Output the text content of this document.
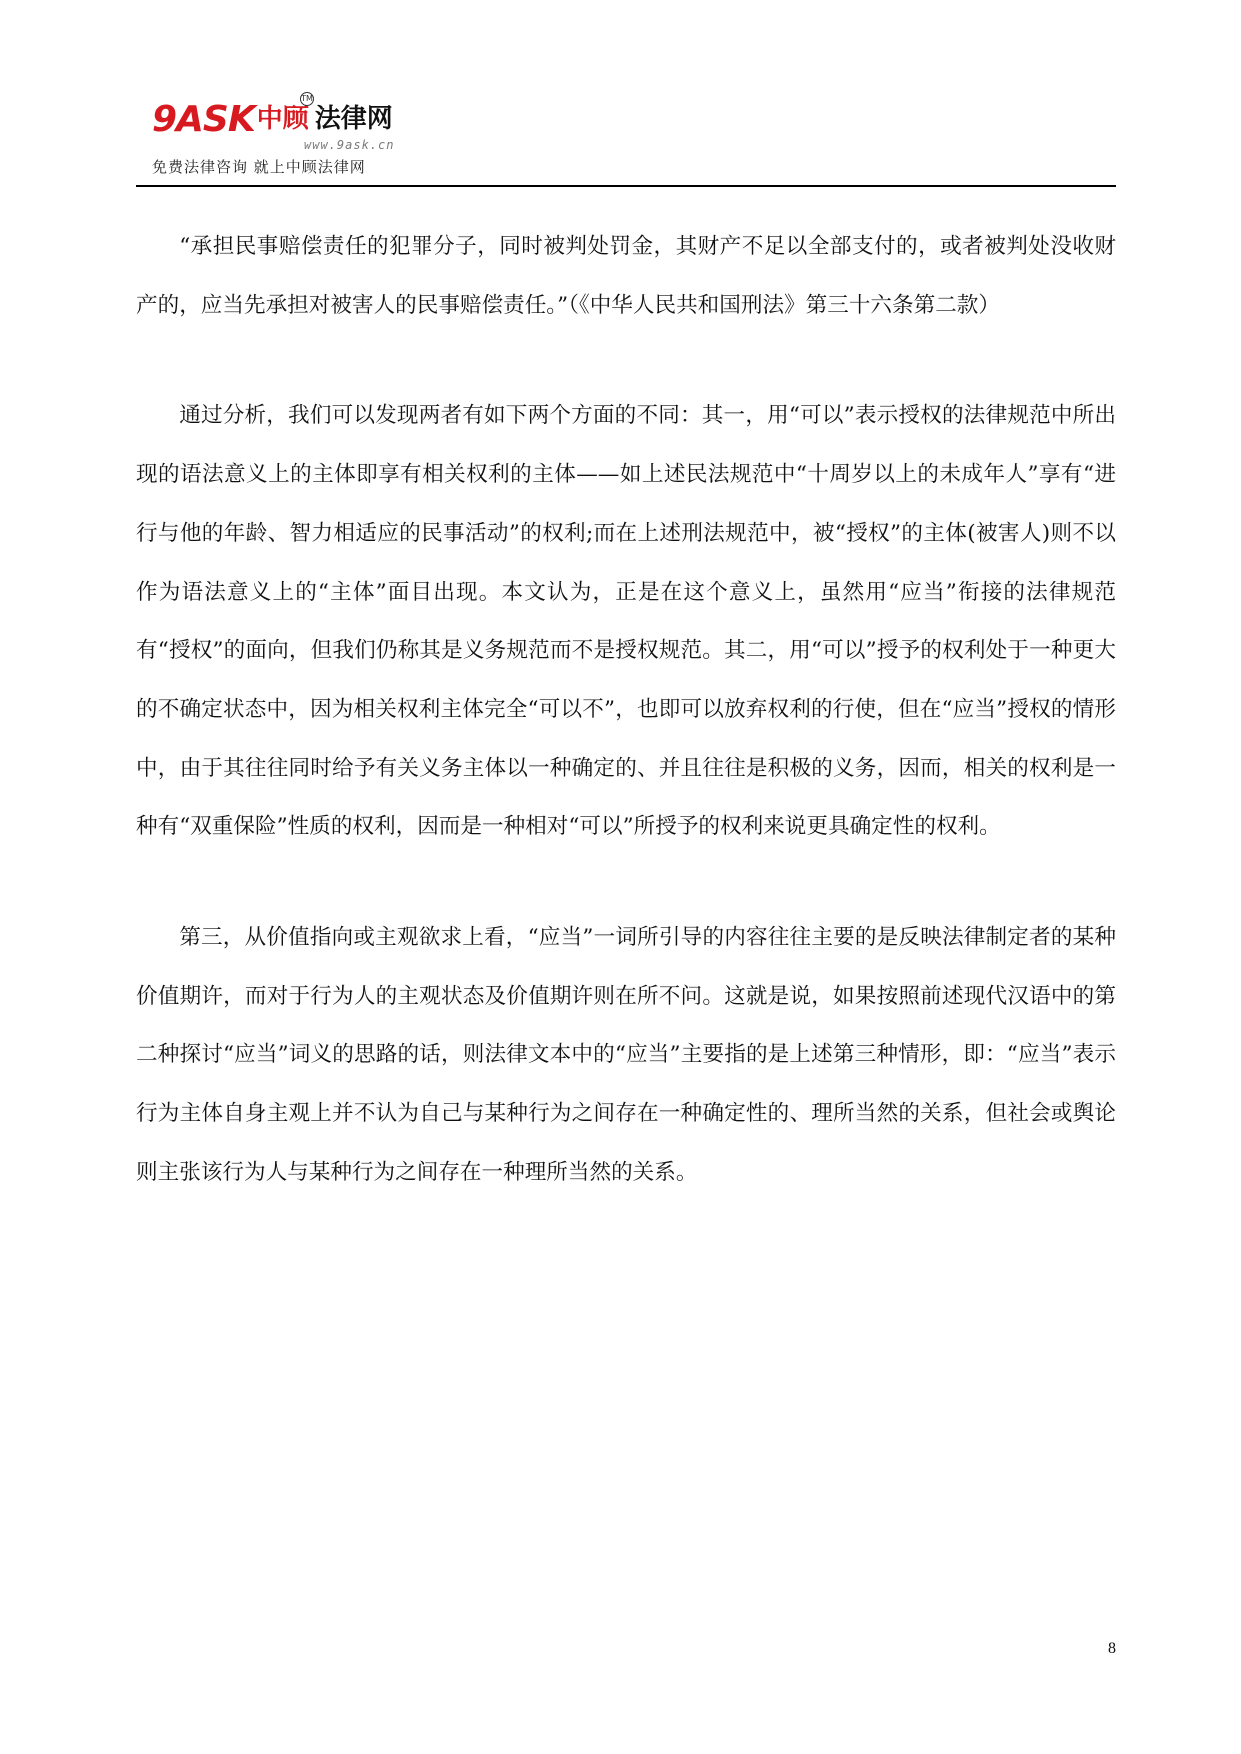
9ASK中顾 法律网
TM
www.9ask.cn
免费法律咨询 就上中顾法律网

“承担民事赔偿责任的犯罪分子，同时被判处罚金，其财产不足以全部支付的，或者被判处没收财产的，应当先承担对被害人的民事赔偿责任。”（《中华人民共和国刑法》第三十六条第二款）

通过分析，我们可以发现两者有如下两个方面的不同：其一，用“可以”表示授权的法律规范中所出现的语法意义上的主体即享有相关权利的主体——如上述民法规范中“十周岁以上的未成年人”享有“进行与他的年龄、智力相适应的民事活动”的权利;而在上述刑法规范中，被“授权”的主体(被害人)则不以作为语法意义上的“主体”面目出现。本文认为，正是在这个意义上，虽然用“应当”衔接的法律规范有“授权”的面向，但我们仍称其是义务规范而不是授权规范。其二，用“可以”授予的权利处于一种更大的不确定状态中，因为相关权利主体完全“可以不”，也即可以放弃权利的行使，但在“应当”授权的情形中，由于其往往同时给予有关义务主体以一种确定的、并且往往是积极的义务，因而，相关的权利是一种有“双重保险”性质的权利，因而是一种相对“可以”所授予的权利来说更具确定性的权利。

第三，从价值指向或主观欲求上看，“应当”一词所引导的内容往往主要的是反映法律制定者的某种价值期许，而对于行为人的主观状态及价值期许则在所不问。这就是说，如果按照前述现代汉语中的第二种探讨“应当”词义的思路的话，则法律文本中的“应当”主要指的是上述第三种情形，即：“应当”表示行为主体自身主观上并不认为自己与某种行为之间存在一种确定性的、理所当然的关系，但社会或舆论则主张该行为人与某种行为之间存在一种理所当然的关系。

8
